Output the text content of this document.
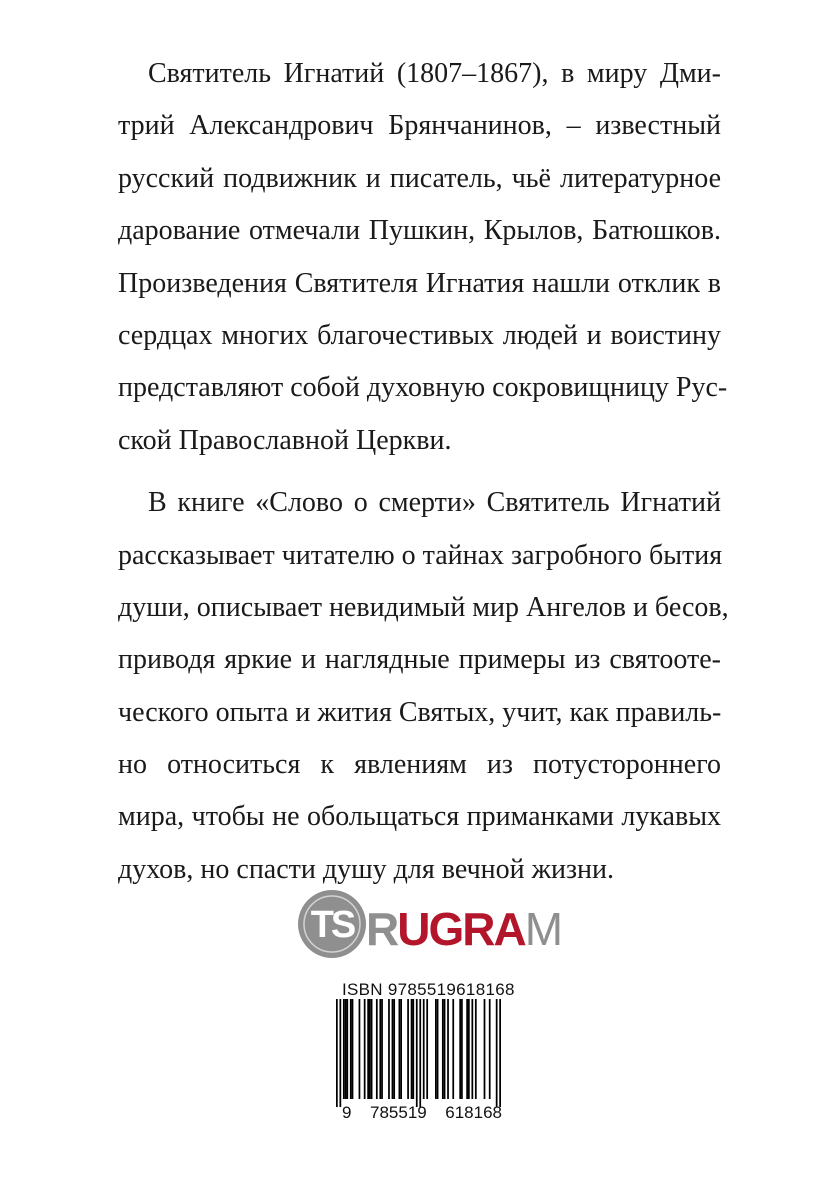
Святитель Игнатий (1807–1867), в миру Дми-
трий Александрович Брянчанинов, – известный
русский подвижник и писатель, чьё литературное
дарование отмечали Пушкин, Крылов, Батюшков.
Произведения Святителя Игнатия нашли отклик в
сердцах многих благочестивых людей и воистину
представляют собой духовную сокровищницу Рус-
ской Православной Церкви.
В книге «Слово о смерти» Святитель Игнатий
рассказывает читателю о тайнах загробного бытия
души, описывает невидимый мир Ангелов и бесов,
приводя яркие и наглядные примеры из святооте-
ческого опыта и жития Святых, учит, как правиль-
но относиться к явлениям из потустороннего
мира, чтобы не обольщаться приманками лукавых
духов, но спасти душу для вечной жизни.
TS RUGRAM
ISBN 9785519618168
9 785519 618168
